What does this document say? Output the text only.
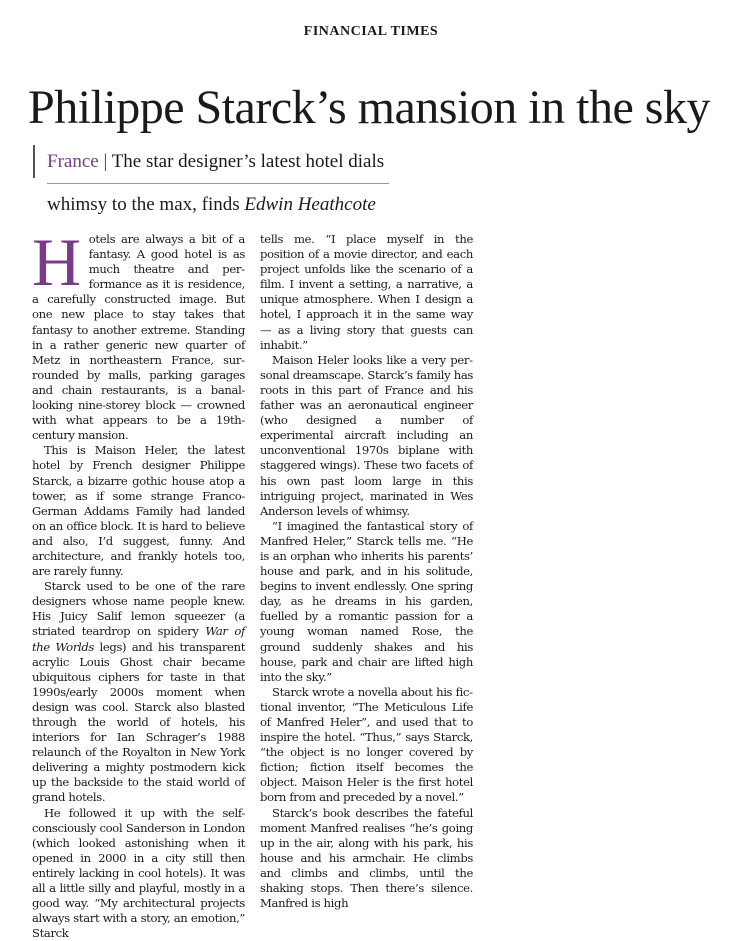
FINANCIAL TIMES
Philippe Starck’s mansion in the sky
France | The star designer’s latest hotel dials
whimsy to the max, finds Edwin Heathcote

Hotels are always a bit of a fantasy. A good hotel is as much theatre and performance as it is residence, a carefully constructed image. But one new place to stay takes that fantasy to another extreme. Standing in a rather generic new quarter of Metz in northeastern France, surrounded by malls, parking garages and chain restaurants, is a banal-looking nine-storey block — crowned with what appears to be a 19th-century mansion.

This is Maison Heler, the latest hotel by French designer Philippe Starck, a bizarre gothic house atop a tower, as if some strange Franco-German Addams Family had landed on an office block. It is hard to believe and also, I’d suggest, funny. And architecture, and frankly hotels too, are rarely funny.

Starck used to be one of the rare designers whose name people knew. His Juicy Salif lemon squeezer (a striated teardrop on spidery War of the Worlds legs) and his transparent acrylic Louis Ghost chair became ubiquitous ciphers for taste in that 1990s/early 2000s moment when design was cool. Starck also blasted through the world of hotels, his interiors for Ian Schrager’s 1988 relaunch of the Royalton in New York delivering a mighty postmodern kick up the backside to the staid world of grand hotels.

He followed it up with the self-consciously cool Sanderson in London (which looked astonishing when it opened in 2000 in a city still then entirely lacking in cool hotels). It was all a little silly and playful, mostly in a good way. “My architectural projects always start with a story, an emotion,” Starck

tells me. “I place myself in the position of a movie director, and each project unfolds like the scenario of a film. I invent a setting, a narrative, a unique atmosphere. When I design a hotel, I approach it in the same way — as a living story that guests can inhabit.”

Maison Heler looks like a very personal dreamscape. Starck’s family has roots in this part of France and his father was an aeronautical engineer (who designed a number of experimental aircraft including an unconventional 1970s biplane with staggered wings). These two facets of his own past loom large in this intriguing project, marinated in Wes Anderson levels of whimsy.

“I imagined the fantastical story of Manfred Heler,” Starck tells me. “He is an orphan who inherits his parents’ house and park, and in his solitude, begins to invent endlessly. One spring day, as he dreams in his garden, fuelled by a romantic passion for a young woman named Rose, the ground suddenly shakes and his house, park and chair are lifted high into the sky.”

Starck wrote a novella about his fictional inventor, “The Meticulous Life of Manfred Heler”, and used that to inspire the hotel. “Thus,” says Starck, “the object is no longer covered by fiction; fiction itself becomes the object. Maison Heler is the first hotel born from and preceded by a novel.”

Starck’s book describes the fateful moment Manfred realises “he’s going up in the air, along with his park, his house and his armchair. He climbs and climbs and climbs, until the shaking stops. Then there’s silence. Manfred is high
